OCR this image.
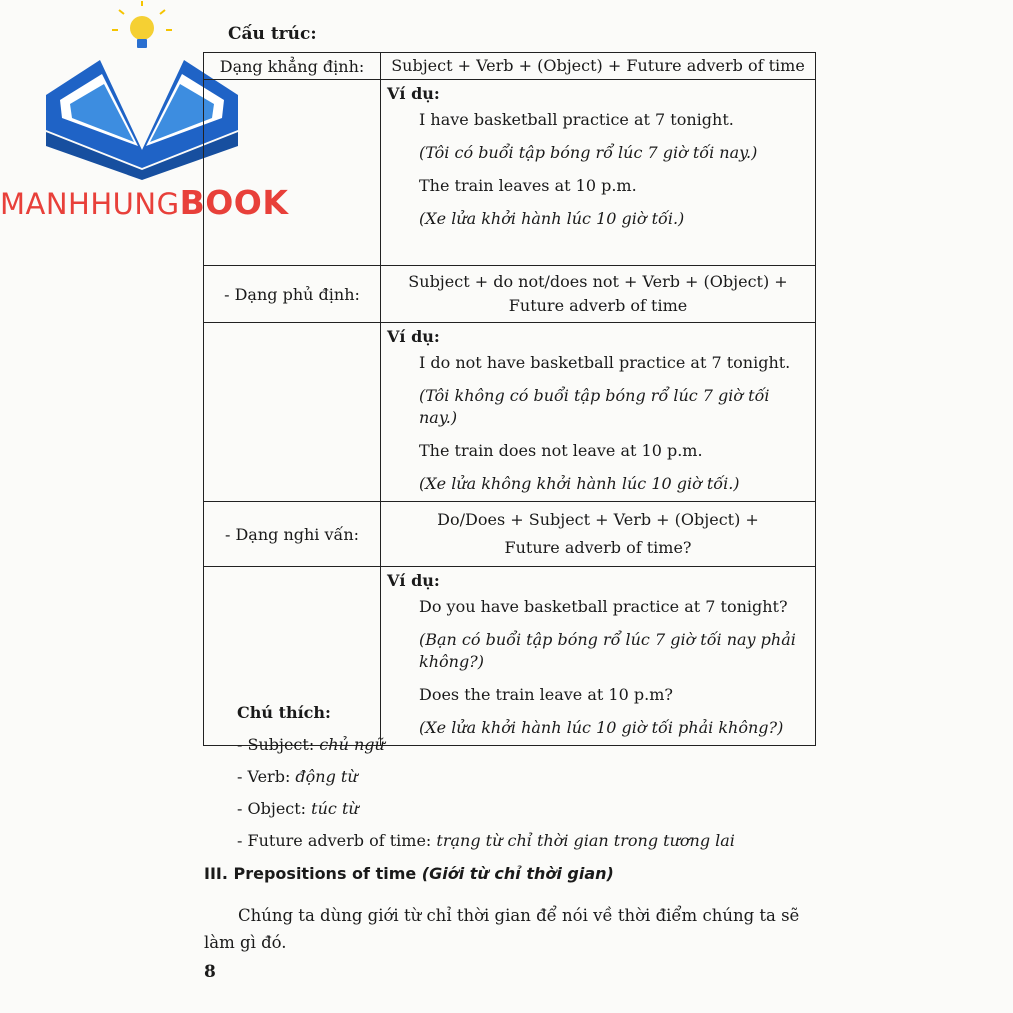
MANHHUNGBOOK
Cấu trúc:
Dạng khẳng định:	Subject + Verb + (Object) + Future adverb of time

	Ví dụ:
I have basketball practice at 7 tonight.
(Tôi có buổi tập bóng rổ lúc 7 giờ tối nay.)
The train leaves at 10 p.m.
(Xe lửa khởi hành lúc 10 giờ tối.)

- Dạng phủ định:	Subject + do not/does not + Verb + (Object) + Future adverb of time

	Ví dụ:
I do not have basketball practice at 7 tonight.
(Tôi không có buổi tập bóng rổ lúc 7 giờ tối nay.)
The train does not leave at 10 p.m.
(Xe lửa không khởi hành lúc 10 giờ tối.)

- Dạng nghi vấn:	Do/Does + Subject + Verb + (Object) +
Future adverb of time?

	Ví dụ:
Do you have basketball practice at 7 tonight?
(Bạn có buổi tập bóng rổ lúc 7 giờ tối nay phải không?)
Does the train leave at 10 p.m?
(Xe lửa khởi hành lúc 10 giờ tối phải không?)
Chú thích:
- Subject: chủ ngữ
- Verb: động từ
- Object: túc từ
- Future adverb of time: trạng từ chỉ thời gian trong tương lai
III. Prepositions of time (Giới từ chỉ thời gian)
Chúng ta dùng giới từ chỉ thời gian để nói về thời điểm chúng ta sẽ làm gì đó.
8
